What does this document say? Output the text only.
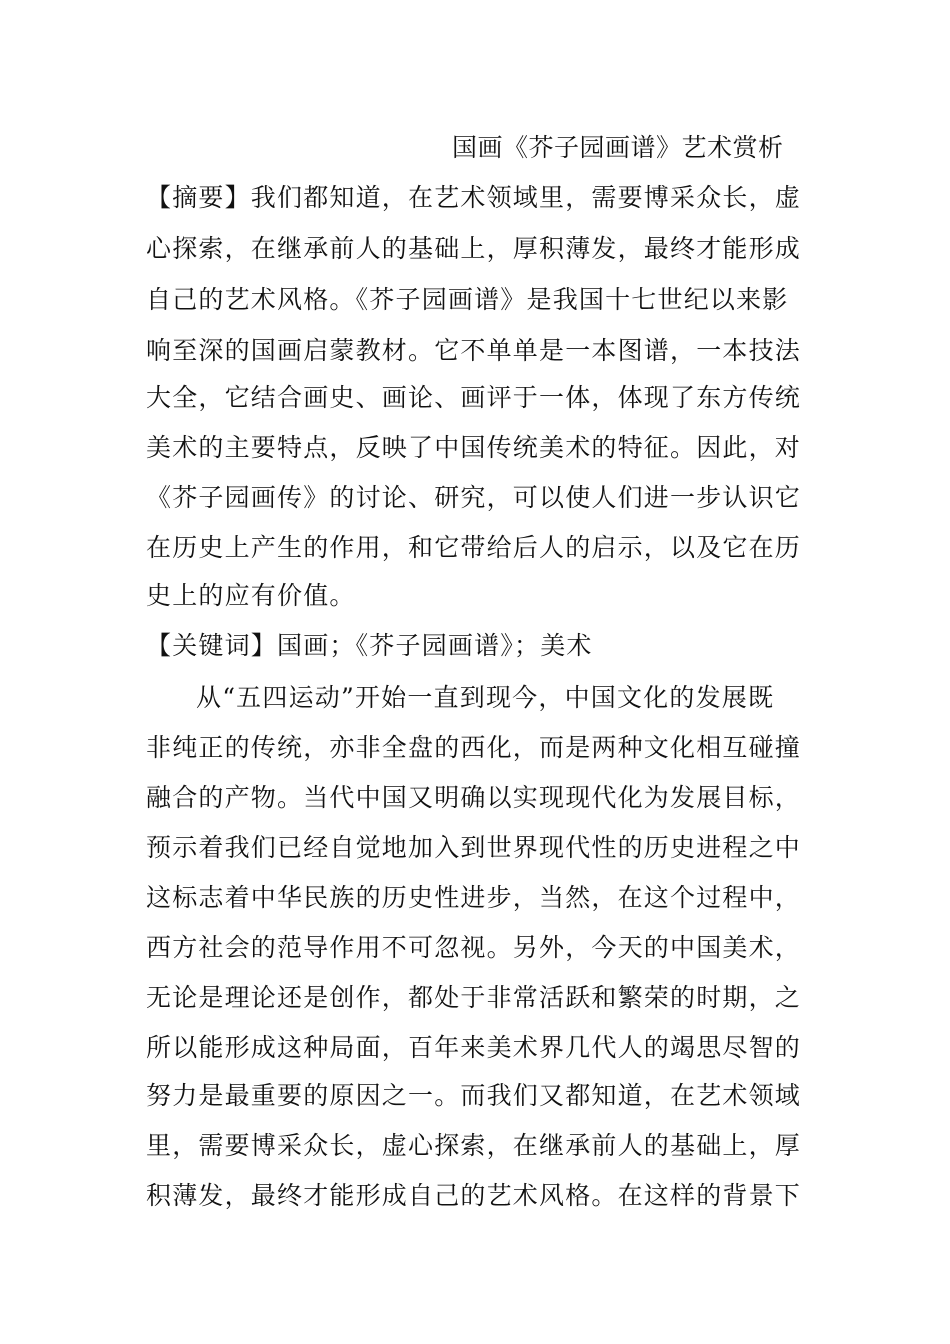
国画《芥子园画谱》艺术赏析
【摘要】我们都知道，在艺术领域里，需要博采众长，虚
心探索，在继承前人的基础上，厚积薄发，最终才能形成
自己的艺术风格。《芥子园画谱》是我国十七世纪以来影
响至深的国画启蒙教材。它不单单是一本图谱，一本技法
大全，它结合画史、画论、画评于一体，体现了东方传统
美术的主要特点，反映了中国传统美术的特征。因此，对
《芥子园画传》的讨论、研究，可以使人们进一步认识它
在历史上产生的作用，和它带给后人的启示，以及它在历
史上的应有价值。
【关键词】国画；《芥子园画谱》；美术
从“五四运动”开始一直到现今，中国文化的发展既
非纯正的传统，亦非全盘的西化，而是两种文化相互碰撞
融合的产物。当代中国又明确以实现现代化为发展目标，
预示着我们已经自觉地加入到世界现代性的历史进程之中
这标志着中华民族的历史性进步，当然，在这个过程中，
西方社会的范导作用不可忽视。另外，今天的中国美术，
无论是理论还是创作，都处于非常活跃和繁荣的时期，之
所以能形成这种局面，百年来美术界几代人的竭思尽智的
努力是最重要的原因之一。而我们又都知道，在艺术领域
里，需要博采众长，虚心探索，在继承前人的基础上，厚
积薄发，最终才能形成自己的艺术风格。在这样的背景下
